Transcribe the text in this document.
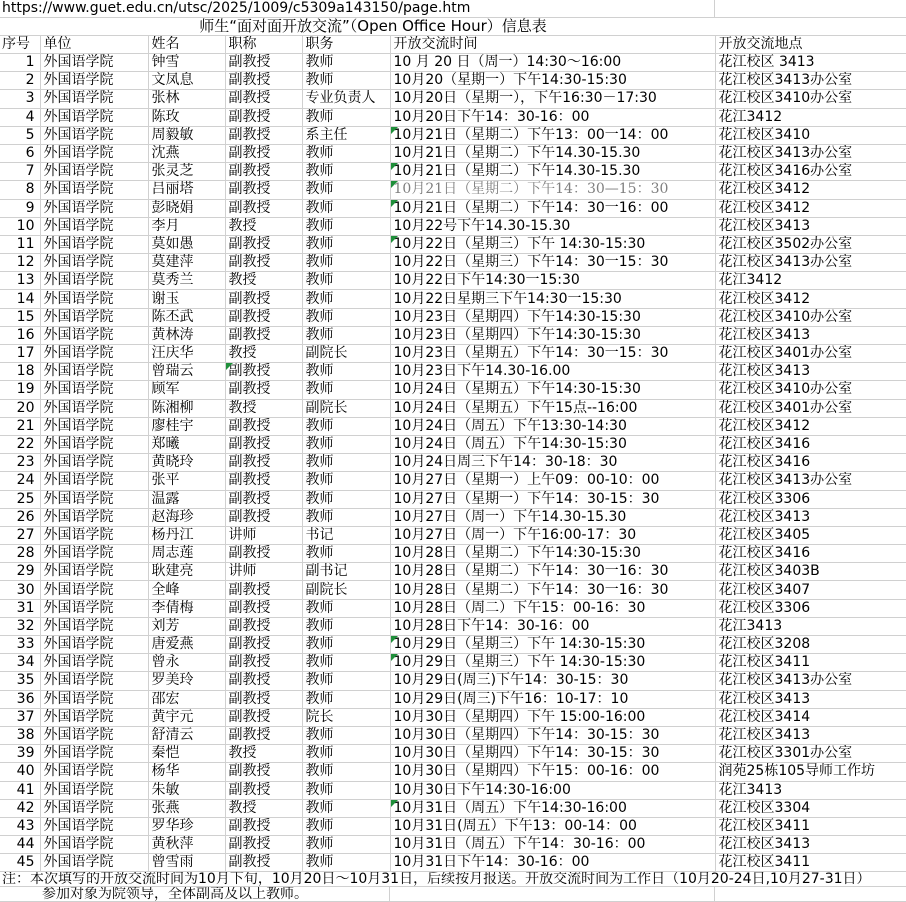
https://www.guet.edu.cn/utsc/2025/1009/c5309a143150/page.htm
师生“面对面开放交流”（Open Office Hour）信息表
序号	单位	姓名	职称	职务	开放交流时间	开放交流地点
1	外国语学院	钟雪	副教授	教师	10 月 20 日（周一）14:30～16:00	花江校区 3413
2	外国语学院	文凤息	副教授	教师	10月20（星期一）下午14:30-15:30	花江校区3413办公室
3	外国语学院	张林	副教授	专业负责人	10月20日（星期一），下午16:30－17:30	花江校区3410办公室
4	外国语学院	陈玫	副教授	教师	10月20日下午14：30-16：00	花江3412
5	外国语学院	周毅敏	副教授	系主任	10月21日（星期二）下午13：00一14：00	花江校区3410
6	外国语学院	沈燕	副教授	教师	10月21日（星期二）下午14.30-15.30	花江校区3413办公室
7	外国语学院	张灵芝	副教授	教师	10月21日（星期二）下午14.30-15.30	花江校区3416办公室
8	外国语学院	吕丽塔	副教授	教师	10月21日（星期二）下午14：30—15：30	花江校区3412
9	外国语学院	彭晓娟	副教授	教师	10月21日（星期二）下午14：30一16：00	花江校区3412
10	外国语学院	李月	教授	教师	10月22号下午14.30-15.30	花江校区3413
11	外国语学院	莫如愚	副教授	教师	10月22日（星期三）下午 14:30-15:30	花江校区3502办公室
12	外国语学院	莫建萍	副教授	教师	10月22日（星期三）下午14：30一15：30	花江校区3413办公室
13	外国语学院	莫秀兰	教授	教师	10月22日下午14:30一15:30	花江3412
14	外国语学院	谢玉	副教授	教师	10月22日星期三下午14:30一15:30	花江校区3412
15	外国语学院	陈丕武	副教授	教师	10月23日（星期四）下午14:30-15:30	花江校区3410办公室
16	外国语学院	黄林涛	副教授	教师	10月23日（星期四）下午14:30-15:30	花江校区3413
17	外国语学院	汪庆华	教授	副院长	10月23日（星期五）下午14：30一15：30	花江校区3401办公室
18	外国语学院	曾瑞云	副教授	教师	10月23日下午14.30-16.00	花江校区3413
19	外国语学院	顾军	副教授	教师	10月24日（星期五）下午14:30-15:30	花江校区3410办公室
20	外国语学院	陈湘柳	教授	副院长	10月24日（星期五）下午15点--16:00	花江校区3401办公室
21	外国语学院	廖桂宇	副教授	教师	10月24日（周五）下午13:30-14:30	花江校区3412
22	外国语学院	郑曦	副教授	教师	10月24日（周五）下午14:30-15:30	花江校区3416
23	外国语学院	黄晓玲	副教授	教师	10月24日周三下午14：30-18：30	花江校区3416
24	外国语学院	张平	副教授	教师	10月27日（星期一）上午09：00-10：00	花江校区3413办公室
25	外国语学院	温露	副教授	教师	10月27日（星期一）下午14：30-15：30	花江校区3306
26	外国语学院	赵海珍	副教授	教师	10月27日（周一）下午14.30-15.30	花江校区3413
27	外国语学院	杨丹江	讲师	书记	10月27日（周一）下午16:00-17：30	花江校区3405
28	外国语学院	周志莲	副教授	教师	10月28日（星期二）下午14:30-15:30	花江校区3416
29	外国语学院	耿建亮	讲师	副书记	10月28日（星期二）下午14：30一16：30	花江校区3403B
30	外国语学院	全峰	副教授	副院长	10月28日（星期二）下午14：30一16：30	花江校区3407
31	外国语学院	李倩梅	副教授	教师	10月28日（周二）下午15：00-16：30	花江校区3306
32	外国语学院	刘芳	副教授	教师	10月28日下午14：30-16：00	花江3413
33	外国语学院	唐爱燕	副教授	教师	10月29日（星期三）下午 14:30-15:30	花江校区3208
34	外国语学院	曾永	副教授	教师	10月29日（星期三）下午 14:30-15:30	花江校区3411
35	外国语学院	罗美玲	副教授	教师	10月29日(周三)下午14：30-15：30	花江校区3413办公室
36	外国语学院	邵宏	副教授	教师	10月29日(周三)下午16：10-17：10	花江校区3413
37	外国语学院	黄宇元	副教授	院长	10月30日（星期四）下午 15:00-16:00	花江校区3414
38	外国语学院	舒清云	副教授	教师	10月30日（星期四）下午14：30-15：30	花江校区3413
39	外国语学院	秦恺	教授	教师	10月30日（星期四）下午14：30-15：30	花江校区3301办公室
40	外国语学院	杨华	副教授	教师	10月30日（星期四）下午15：00-16：00	润苑25栋105导师工作坊
41	外国语学院	朱敏	副教授	教师	10月30日下午14:30-16:00	花江3413
42	外国语学院	张燕	教授	教师	10月31日（周五）下午14:30-16:00	花江校区3304
43	外国语学院	罗华珍	副教授	教师	10月31日(周五）下午13：00-14：00	花江校区3411
44	外国语学院	黄秋萍	副教授	教师	10月31日（周五）下午14：30-16：00	花江校区3413
45	外国语学院	曾雪雨	副教授	教师	10月31日下午14：30-16：00	花江校区3411
注：本次填写的开放交流时间为10月下旬，10月20日～10月31日，后续按月报送。开放交流时间为工作日（10月20-24日,10月27-31日）
参加对象为院领导，全体副高及以上教师。
